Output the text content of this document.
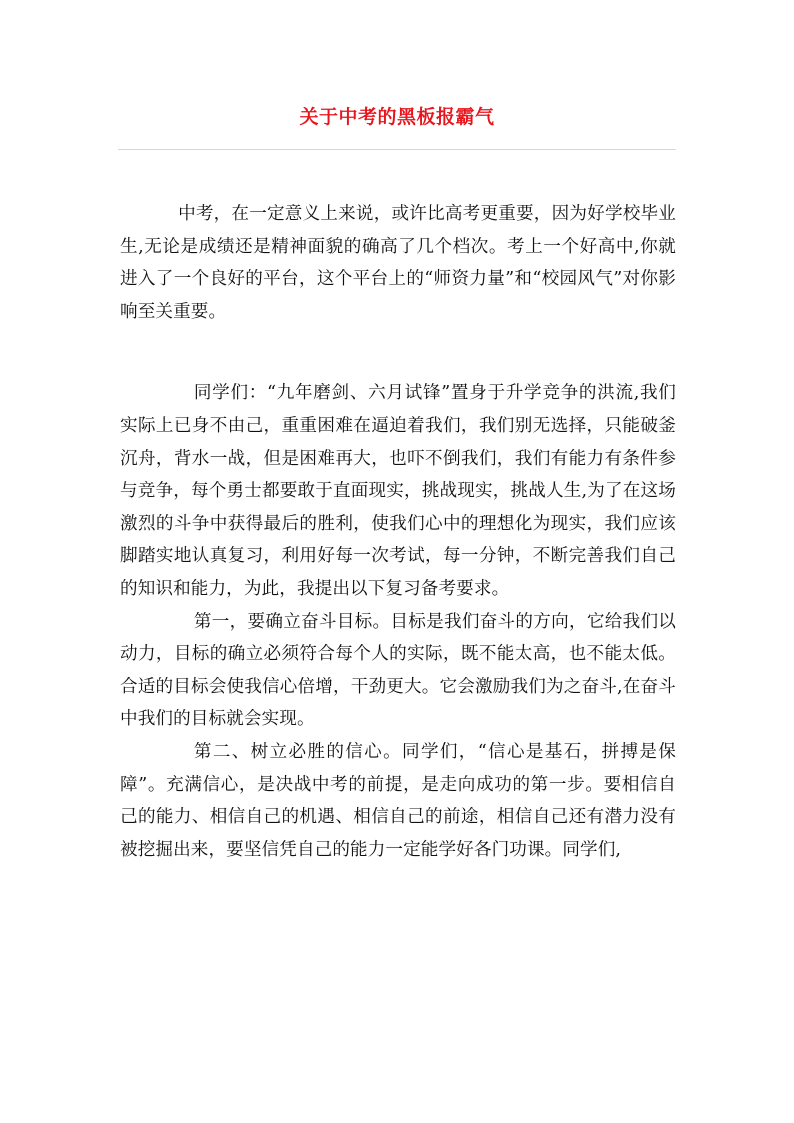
关于中考的黑板报霸气

中考，在一定意义上来说，或许比高考更重要，因为好学校毕业生,无论是成绩还是精神面貌的确高了几个档次。考上一个好高中,你就进入了一个良好的平台，这个平台上的“师资力量”和“校园风气”对你影响至关重要。

同学们：“九年磨剑、六月试锋”置身于升学竞争的洪流,我们实际上已身不由己，重重困难在逼迫着我们，我们别无选择，只能破釜沉舟，背水一战，但是困难再大，也吓不倒我们，我们有能力有条件参与竞争，每个勇士都要敢于直面现实，挑战现实，挑战人生,为了在这场激烈的斗争中获得最后的胜利，使我们心中的理想化为现实，我们应该脚踏实地认真复习，利用好每一次考试，每一分钟，不断完善我们自己的知识和能力，为此，我提出以下复习备考要求。

第一，要确立奋斗目标。目标是我们奋斗的方向，它给我们以动力，目标的确立必须符合每个人的实际，既不能太高，也不能太低。合适的目标会使我信心倍增，干劲更大。它会激励我们为之奋斗,在奋斗中我们的目标就会实现。

第二、树立必胜的信心。同学们，“信心是基石，拼搏是保障”。充满信心，是决战中考的前提，是走向成功的第一步。要相信自己的能力、相信自己的机遇、相信自己的前途，相信自己还有潜力没有被挖掘出来，要坚信凭自己的能力一定能学好各门功课。同学们,
